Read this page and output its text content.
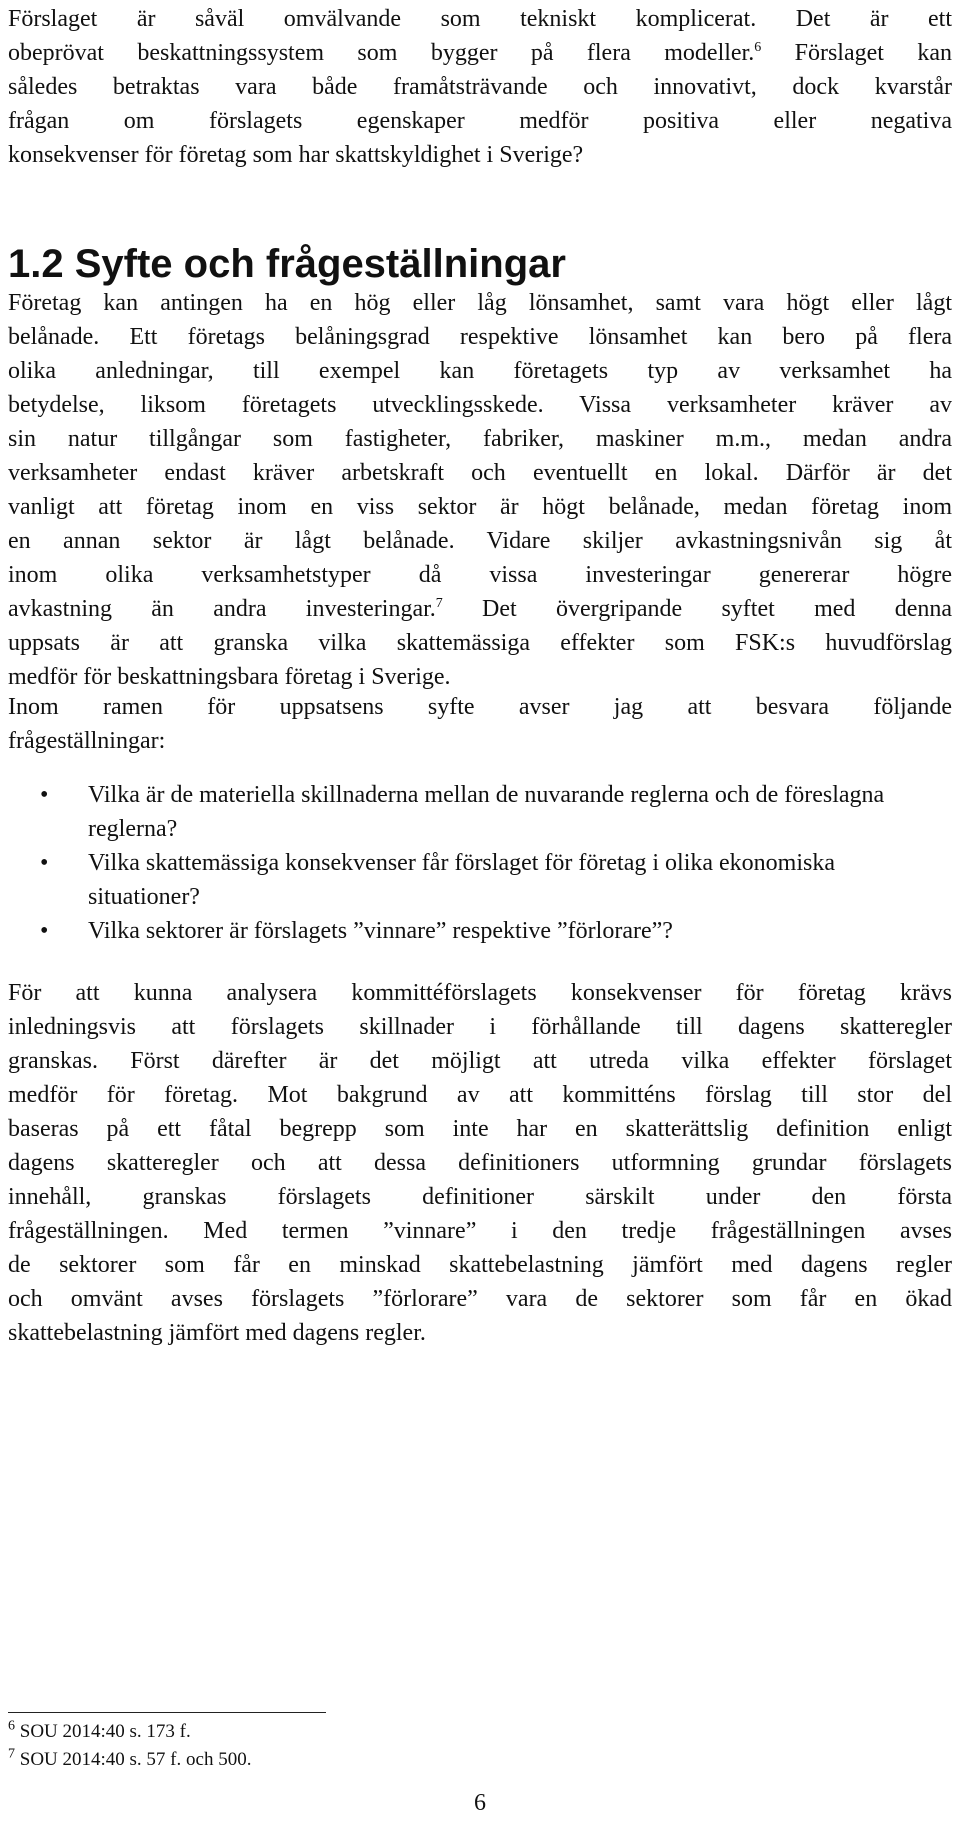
Förslaget är såväl omvälvande som tekniskt komplicerat. Det är ett
obeprövat beskattningssystem som bygger på flera modeller.$^6$ Förslaget kan
således betraktas vara både framåtsträvande och innovativt, dock kvarstår
frågan om förslagets egenskaper medför positiva eller negativa
konsekvenser för företag som har skattskyldighet i Sverige?

1.2 Syfte och frågeställningar

Företag kan antingen ha en hög eller låg lönsamhet, samt vara högt eller lågt
belånade. Ett företags belåningsgrad respektive lönsamhet kan bero på flera
olika anledningar, till exempel kan företagets typ av verksamhet ha
betydelse, liksom företagets utvecklingsskede. Vissa verksamheter kräver av
sin natur tillgångar som fastigheter, fabriker, maskiner m.m., medan andra
verksamheter endast kräver arbetskraft och eventuellt en lokal. Därför är det
vanligt att företag inom en viss sektor är högt belånade, medan företag inom
en annan sektor är lågt belånade. Vidare skiljer avkastningsnivån sig åt
inom olika verksamhetstyper då vissa investeringar genererar högre
avkastning än andra investeringar.$^7$ Det övergripande syftet med denna
uppsats är att granska vilka skattemässiga effekter som FSK:s huvudförslag
medför för beskattningsbara företag i Sverige.

Inom ramen för uppsatsens syfte avser jag att besvara följande
frågeställningar:

• Vilka är de materiella skillnaderna mellan de nuvarande reglerna och de föreslagna reglerna?
• Vilka skattemässiga konsekvenser får förslaget för företag i olika ekonomiska situationer?
• Vilka sektorer är förslagets ”vinnare” respektive ”förlorare”?

För att kunna analysera kommittéförslagets konsekvenser för företag krävs
inledningsvis att förslagets skillnader i förhållande till dagens skatteregler
granskas. Först därefter är det möjligt att utreda vilka effekter förslaget
medför för företag. Mot bakgrund av att kommitténs förslag till stor del
baseras på ett fåtal begrepp som inte har en skatterättslig definition enligt
dagens skatteregler och att dessa definitioners utformning grundar förslagets
innehåll, granskas förslagets definitioner särskilt under den första
frågeställningen. Med termen ”vinnare” i den tredje frågeställningen avses
de sektorer som får en minskad skattebelastning jämfört med dagens regler
och omvänt avses förslagets ”förlorare” vara de sektorer som får en ökad
skattebelastning jämfört med dagens regler.

$^6$ SOU 2014:40 s. 173 f.
$^7$ SOU 2014:40 s. 57 f. och 500.
6
